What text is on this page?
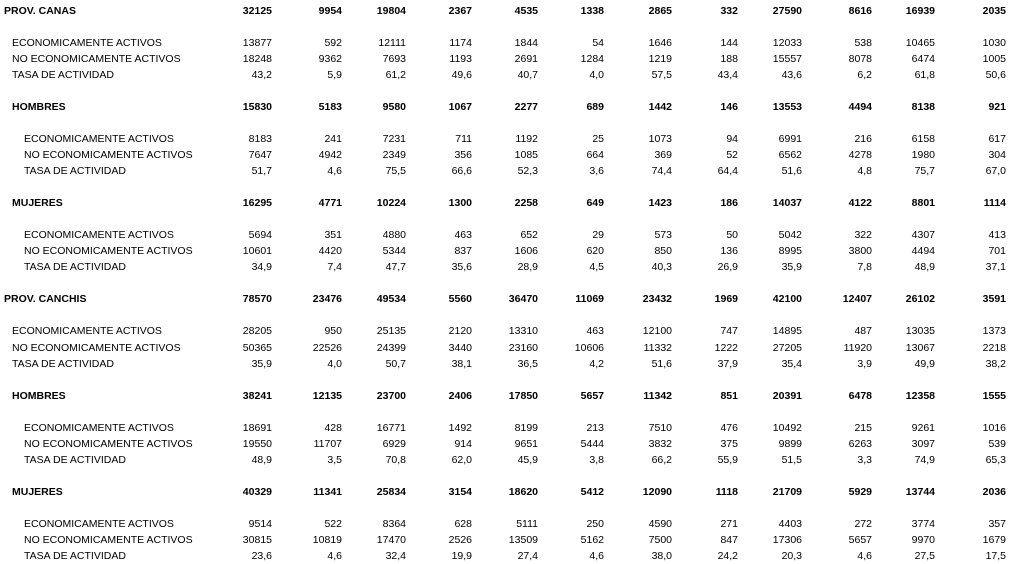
PROV. CANAS	32125	9954	19804	2367	4535	1338	2865	332	27590	8616	16939	2035
ECONOMICAMENTE ACTIVOS	13877	592	12111	1174	1844	54	1646	144	12033	538	10465	1030
NO ECONOMICAMENTE ACTIVOS	18248	9362	7693	1193	2691	1284	1219	188	15557	8078	6474	1005
TASA DE ACTIVIDAD	43,2	5,9	61,2	49,6	40,7	4,0	57,5	43,4	43,6	6,2	61,8	50,6
HOMBRES	15830	5183	9580	1067	2277	689	1442	146	13553	4494	8138	921
ECONOMICAMENTE ACTIVOS	8183	241	7231	711	1192	25	1073	94	6991	216	6158	617
NO ECONOMICAMENTE ACTIVOS	7647	4942	2349	356	1085	664	369	52	6562	4278	1980	304
TASA DE ACTIVIDAD	51,7	4,6	75,5	66,6	52,3	3,6	74,4	64,4	51,6	4,8	75,7	67,0
MUJERES	16295	4771	10224	1300	2258	649	1423	186	14037	4122	8801	1114
ECONOMICAMENTE ACTIVOS	5694	351	4880	463	652	29	573	50	5042	322	4307	413
NO ECONOMICAMENTE ACTIVOS	10601	4420	5344	837	1606	620	850	136	8995	3800	4494	701
TASA DE ACTIVIDAD	34,9	7,4	47,7	35,6	28,9	4,5	40,3	26,9	35,9	7,8	48,9	37,1
PROV. CANCHIS	78570	23476	49534	5560	36470	11069	23432	1969	42100	12407	26102	3591
ECONOMICAMENTE ACTIVOS	28205	950	25135	2120	13310	463	12100	747	14895	487	13035	1373
NO ECONOMICAMENTE ACTIVOS	50365	22526	24399	3440	23160	10606	11332	1222	27205	11920	13067	2218
TASA DE ACTIVIDAD	35,9	4,0	50,7	38,1	36,5	4,2	51,6	37,9	35,4	3,9	49,9	38,2
HOMBRES	38241	12135	23700	2406	17850	5657	11342	851	20391	6478	12358	1555
ECONOMICAMENTE ACTIVOS	18691	428	16771	1492	8199	213	7510	476	10492	215	9261	1016
NO ECONOMICAMENTE ACTIVOS	19550	11707	6929	914	9651	5444	3832	375	9899	6263	3097	539
TASA DE ACTIVIDAD	48,9	3,5	70,8	62,0	45,9	3,8	66,2	55,9	51,5	3,3	74,9	65,3
MUJERES	40329	11341	25834	3154	18620	5412	12090	1118	21709	5929	13744	2036
ECONOMICAMENTE ACTIVOS	9514	522	8364	628	5111	250	4590	271	4403	272	3774	357
NO ECONOMICAMENTE ACTIVOS	30815	10819	17470	2526	13509	5162	7500	847	17306	5657	9970	1679
TASA DE ACTIVIDAD	23,6	4,6	32,4	19,9	27,4	4,6	38,0	24,2	20,3	4,6	27,5	17,5
